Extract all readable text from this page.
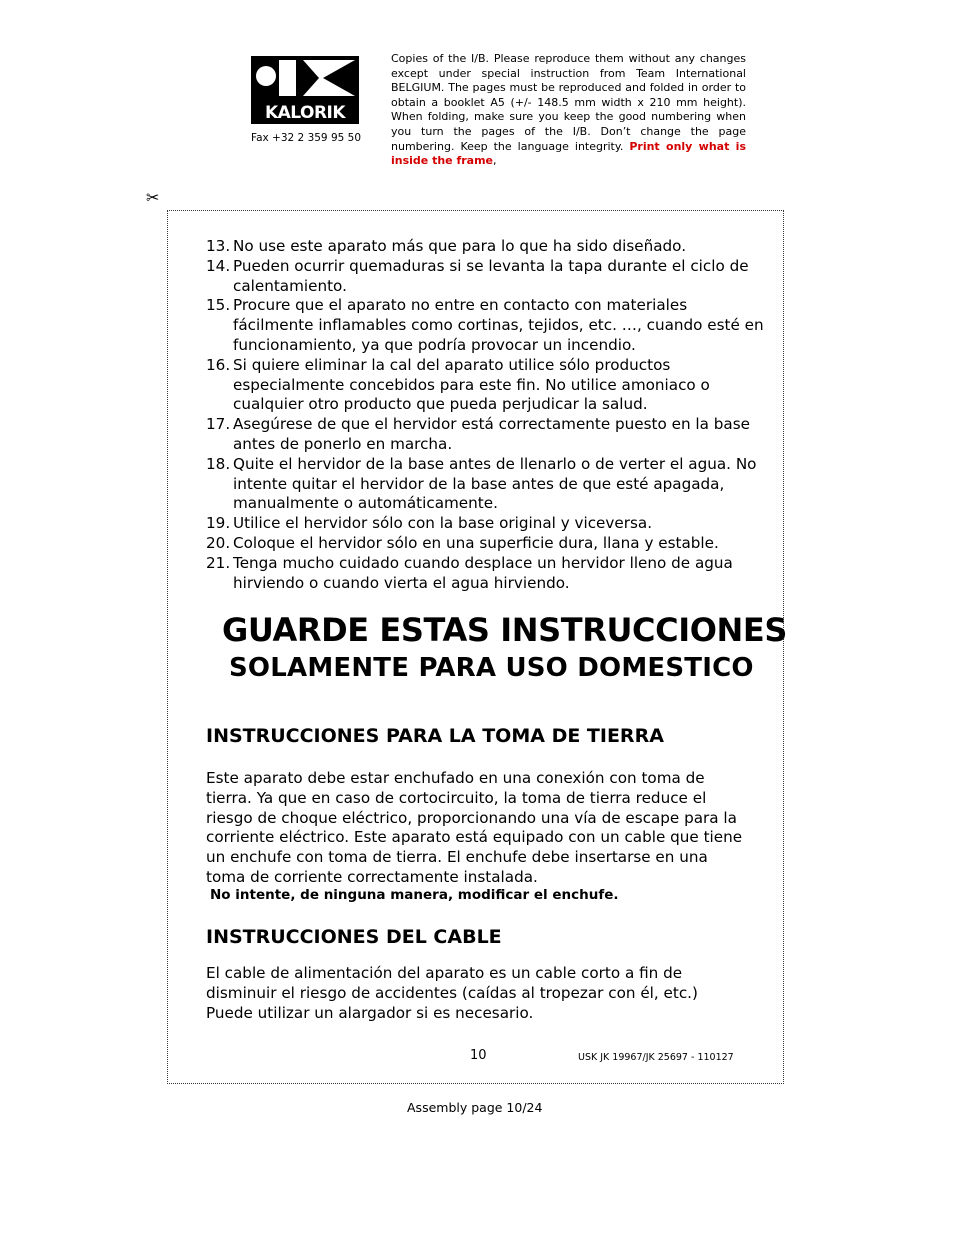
KALORIK
Fax +32 2 359 95 50
Copies of the I/B. Please reproduce them without any changes except under special instruction from Team International BELGIUM. The pages must be reproduced and folded in order to obtain a booklet A5 (+/- 148.5 mm width x 210 mm height). When folding, make sure you keep the good numbering when you turn the pages of the I/B. Don’t change the page numbering. Keep the language integrity. Print only what is inside the frame,
✂
13. No use este aparato más que para lo que ha sido diseñado.
14. Pueden ocurrir quemaduras si se levanta la tapa durante el ciclo de calentamiento.
15. Procure que el aparato no entre en contacto con materiales fácilmente inflamables como cortinas, tejidos, etc. …, cuando esté en funcionamiento, ya que podría provocar un incendio.
16. Si quiere eliminar la cal del aparato utilice sólo productos especialmente concebidos para este fin. No utilice amoniaco o cualquier otro producto que pueda perjudicar la salud.
17. Asegúrese de que el hervidor está correctamente puesto en la base antes de ponerlo en marcha.
18. Quite el hervidor de la base antes de llenarlo o de verter el agua. No intente quitar el hervidor de la base antes de que esté apagada, manualmente o automáticamente.
19. Utilice el hervidor sólo con la base original y viceversa.
20. Coloque el hervidor sólo en una superficie dura, llana y estable.
21. Tenga mucho cuidado cuando desplace un hervidor lleno de agua hirviendo o cuando vierta el agua hirviendo.
GUARDE ESTAS INSTRUCCIONES
SOLAMENTE PARA USO DOMESTICO
INSTRUCCIONES PARA LA TOMA DE TIERRA

Este aparato debe estar enchufado en una conexión con toma de tierra. Ya que en caso de cortocircuito, la toma de tierra reduce el riesgo de choque eléctrico, proporcionando una vía de escape para la corriente eléctrico. Este aparato está equipado con un cable que tiene un enchufe con toma de tierra. El enchufe debe insertarse en una toma de corriente correctamente instalada.

No intente, de ninguna manera, modificar el enchufe.

INSTRUCCIONES DEL CABLE

El cable de alimentación del aparato es un cable corto a fin de disminuir el riesgo de accidentes (caídas al tropezar con él, etc.) Puede utilizar un alargador si es necesario.

10	USK JK 19967/JK 25697 - 110127
Assembly page 10/24
